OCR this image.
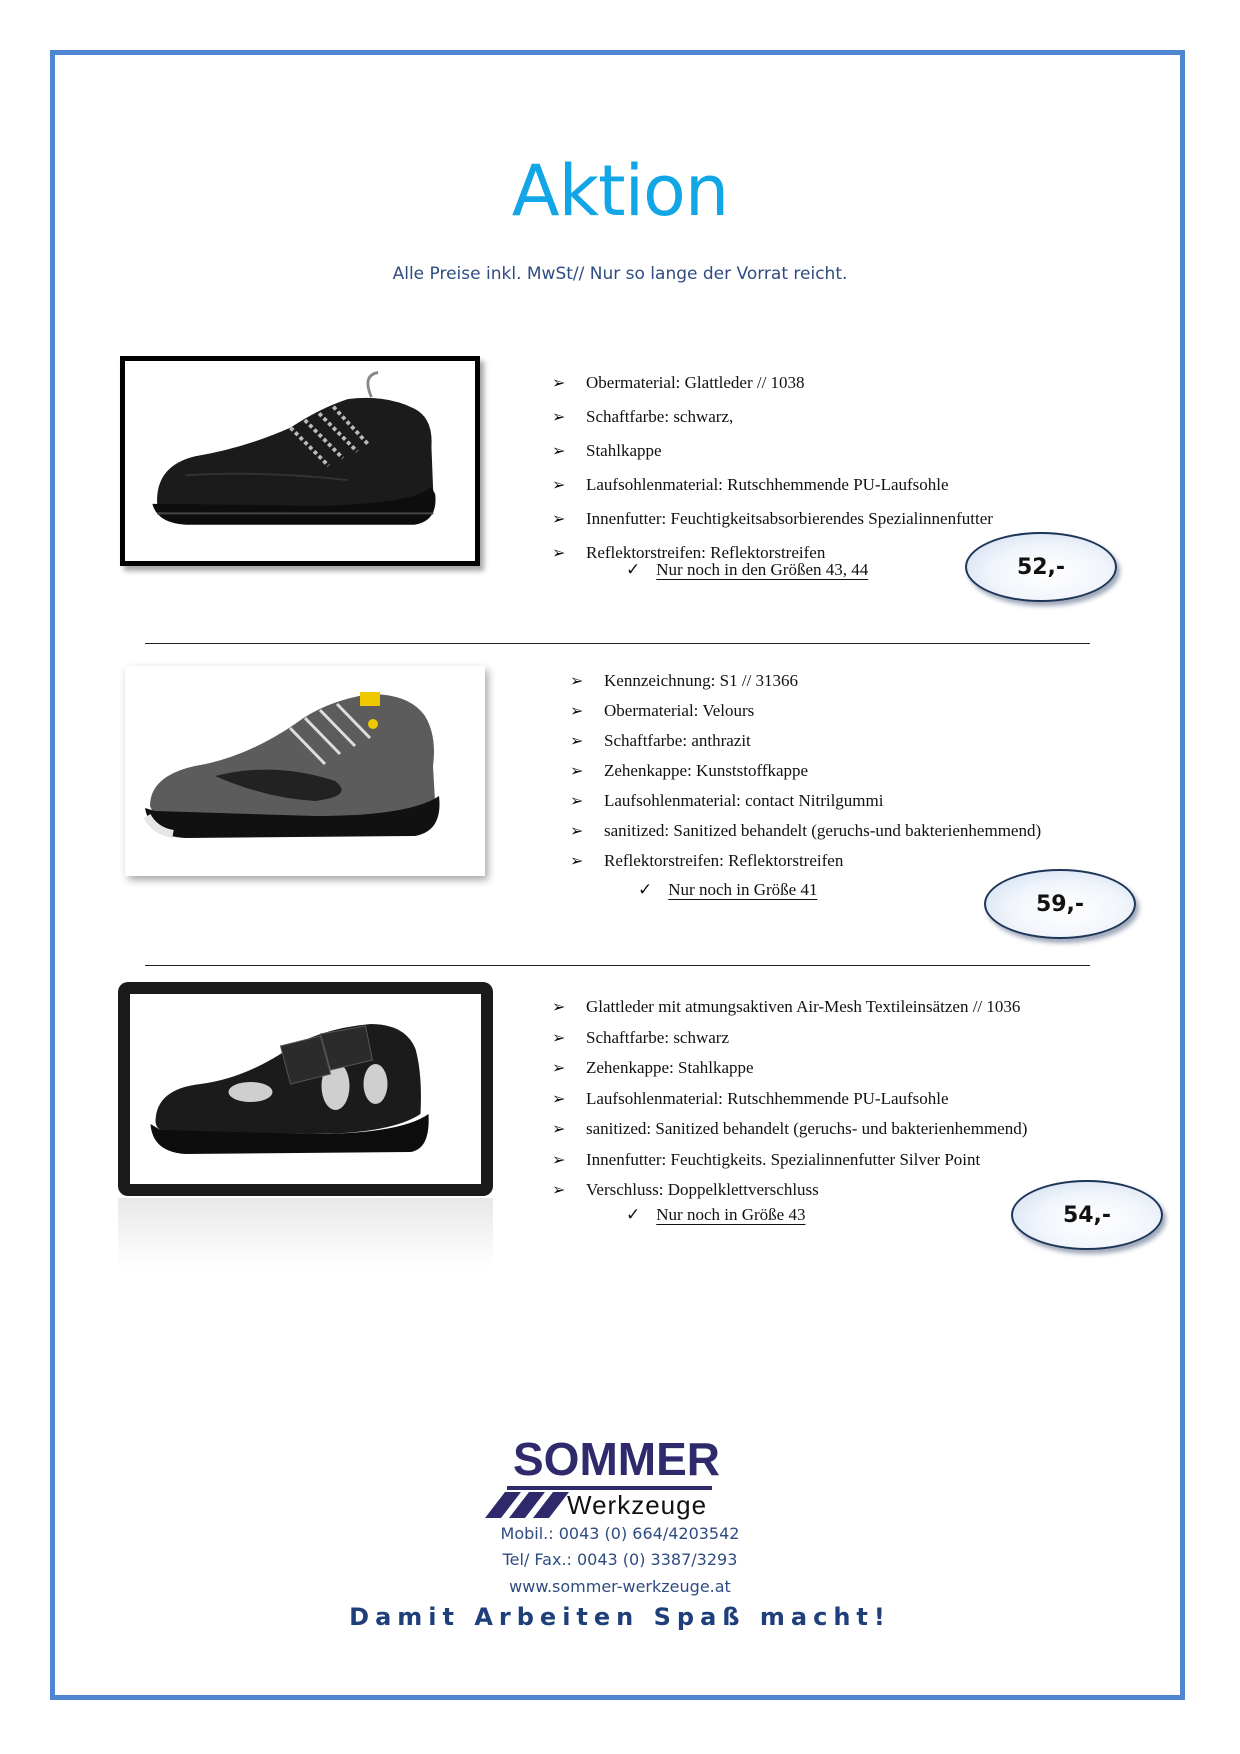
Aktion
Alle Preise inkl. MwSt// Nur so lange der Vorrat reicht.
➢ Obermaterial: Glattleder // 1038
➢ Schaftfarbe: schwarz,
➢ Stahlkappe
➢ Laufsohlenmaterial: Rutschhemmende PU-Laufsohle
➢ Innenfutter: Feuchtigkeitsabsorbierendes Spezialinnenfutter
➢ Reflektorstreifen: Reflektorstreifen
✓ Nur noch in den Größen 43, 44	52,-
➢ Kennzeichnung: S1 // 31366
➢ Obermaterial: Velours
➢ Schaftfarbe: anthrazit
➢ Zehenkappe: Kunststoffkappe
➢ Laufsohlenmaterial: contact Nitrilgummi
➢ sanitized: Sanitized behandelt (geruchs-und bakterienhemmend)
➢ Reflektorstreifen: Reflektorstreifen
✓ Nur noch in Größe 41
59,-
➢ Glattleder mit atmungsaktiven Air-Mesh Textileinsätzen // 1036
➢ Schaftfarbe: schwarz
➢ Zehenkappe: Stahlkappe
➢ Laufsohlenmaterial: Rutschhemmende PU-Laufsohle
➢ sanitized: Sanitized behandelt (geruchs- und bakterienhemmend)
➢ Innenfutter: Feuchtigkeits. Spezialinnenfutter Silver Point
➢ Verschluss: Doppelklettverschluss
✓ Nur noch in Größe 43	54,-
SOMMER
Werkzeuge
Mobil.: 0043 (0) 664/4203542
Tel/ Fax.: 0043 (0) 3387/3293
www.sommer-werkzeuge.at
Damit Arbeiten Spaß macht!
